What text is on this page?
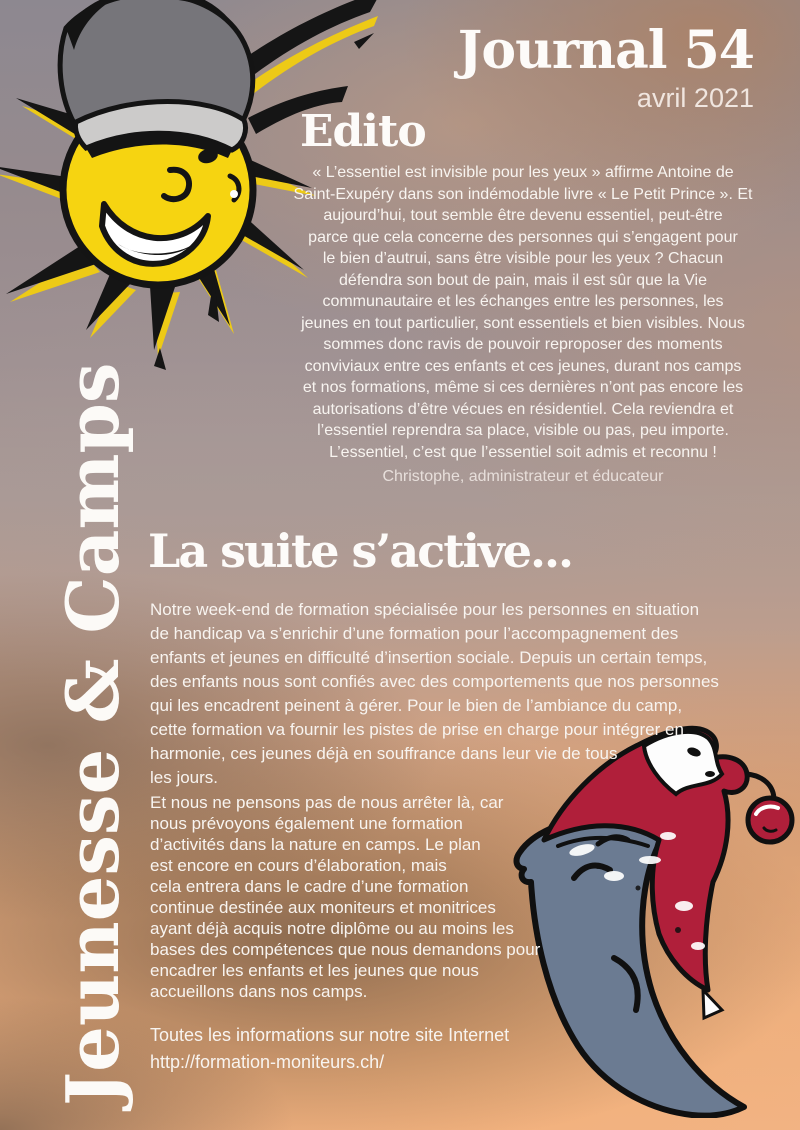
Journal 54
avril 2021
Jeunesse & Camps
Edito
« L’essentiel est invisible pour les yeux » affirme Antoine de
Saint-Exupéry dans son indémodable livre « Le Petit Prince ». Et
aujourd’hui, tout semble être devenu essentiel, peut-être
parce que cela concerne des personnes qui s’engagent pour
le bien d’autrui, sans être visible pour les yeux ? Chacun
défendra son bout de pain, mais il est sûr que la Vie
communautaire et les échanges entre les personnes, les
jeunes en tout particulier, sont essentiels et bien visibles. Nous
sommes donc ravis de pouvoir reproposer des moments
conviviaux entre ces enfants et ces jeunes, durant nos camps
et nos formations, même si ces dernières n’ont pas encore les
autorisations d’être vécues en résidentiel. Cela reviendra et
l’essentiel reprendra sa place, visible ou pas, peu importe.
L’essentiel, c’est que l’essentiel soit admis et reconnu !
Christophe, administrateur et éducateur
La suite s’active...
Notre week-end de formation spécialisée pour les personnes en situation
de handicap va s’enrichir d’une formation pour l’accompagnement des
enfants et jeunes en difficulté d’insertion sociale. Depuis un certain temps,
des enfants nous sont confiés avec des comportements que nos personnes
qui les encadrent peinent à gérer. Pour le bien de l’ambiance du camp,
cette formation va fournir les pistes de prise en charge pour intégrer en
harmonie, ces jeunes déjà en souffrance dans leur vie de tous
les jours.
Et nous ne pensons pas de nous arrêter là, car
nous prévoyons également une formation
d’activités dans la nature en camps. Le plan
est encore en cours d’élaboration, mais
cela entrera dans le cadre d’une formation
continue destinée aux moniteurs et monitrices
ayant déjà acquis notre diplôme ou au moins les
bases des compétences que nous demandons pour
encadrer les enfants et les jeunes que nous
accueillons dans nos camps.
Toutes les informations sur notre site Internet
http://formation-moniteurs.ch/
